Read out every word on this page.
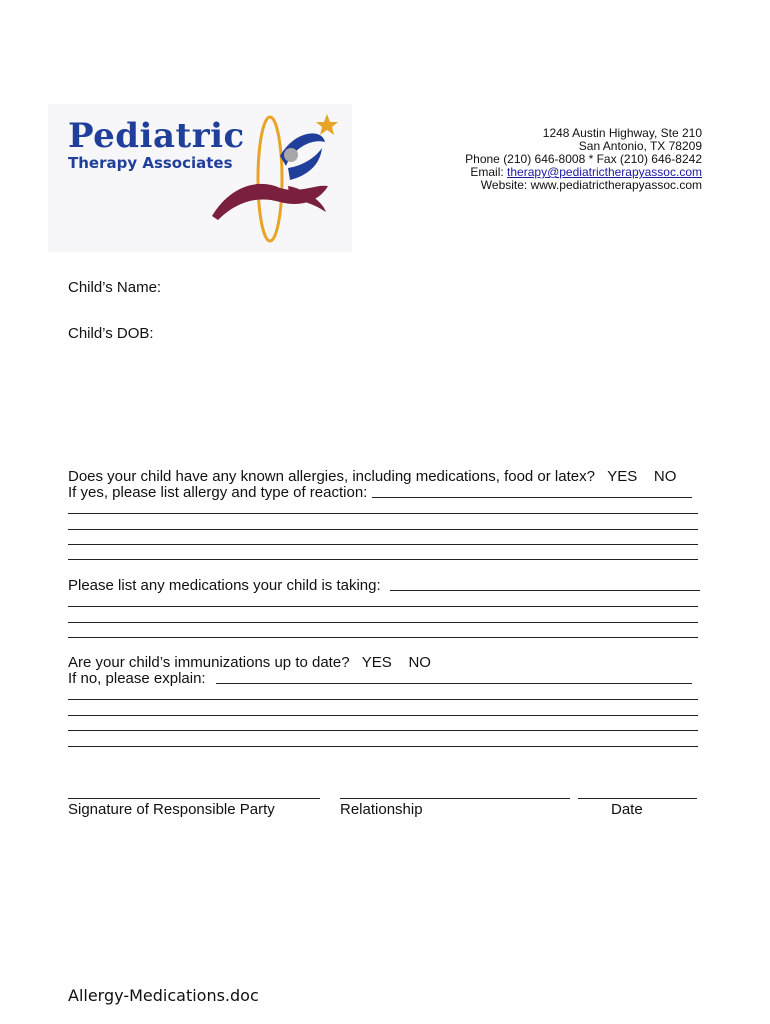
Pediatric
Therapy Associates
1248 Austin Highway, Ste 210
San Antonio, TX 78209
Phone (210) 646-8008 * Fax (210) 646-8242
Email: therapy@pediatrictherapyassoc.com
Website: www.pediatrictherapyassoc.com
Child’s Name:
Child’s DOB:
Does your child have any known allergies, including medications, food or latex? YES NO
If yes, please list allergy and type of reaction:
Please list any medications your child is taking:
Are your child’s immunizations up to date? YES NO
If no, please explain:
Signature of Responsible Party	Relationship	Date
Allergy-Medications.doc
